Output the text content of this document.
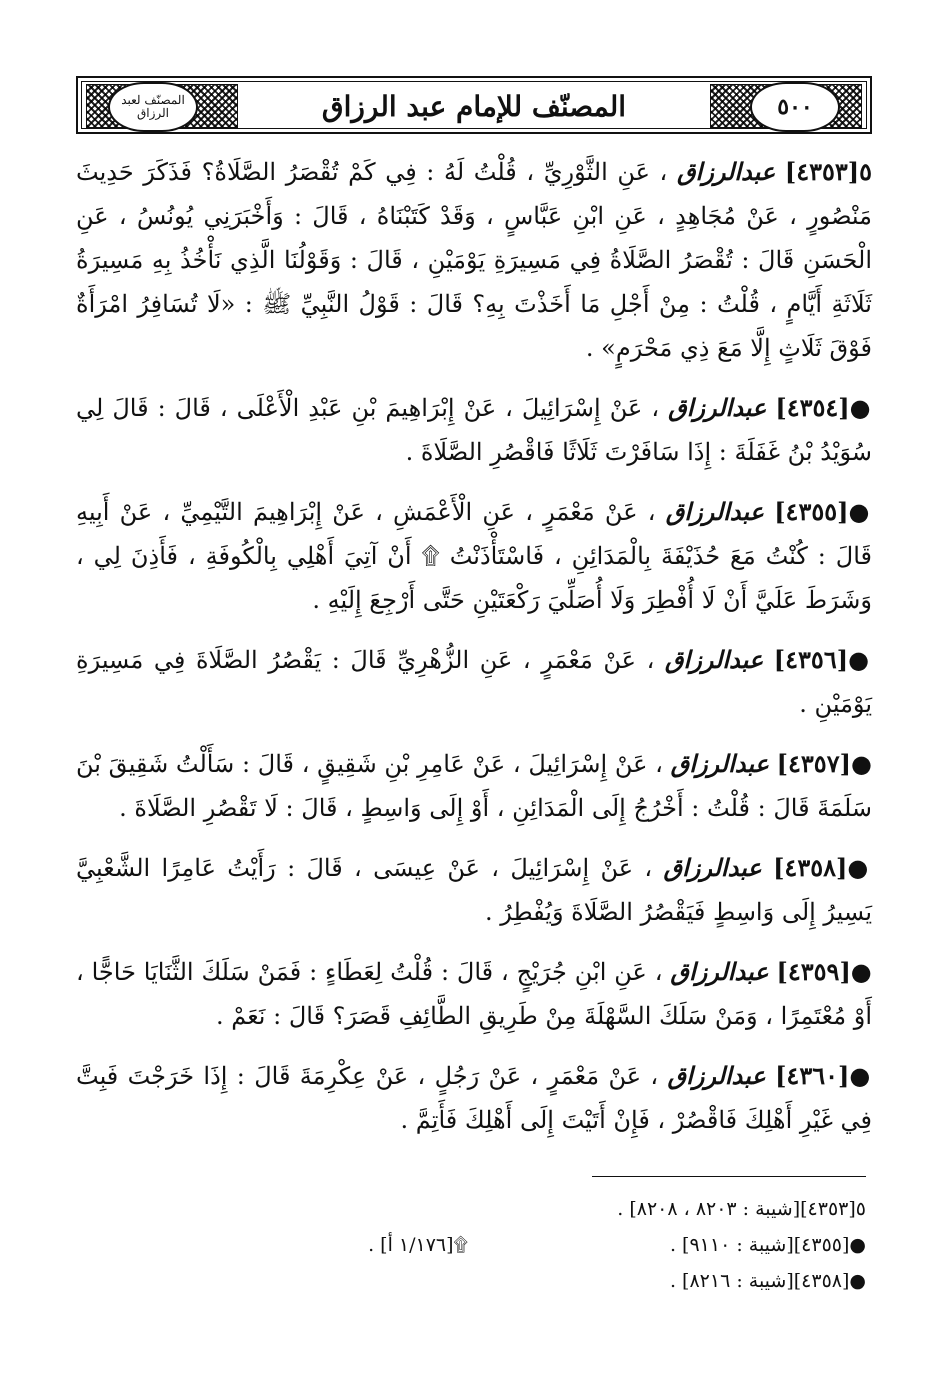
المصنّف لعبد الرزاق	٥٠٠
المصنّف للإمام عبد الرزاق

٥[٤٣٥٣] عبدالرزاق ، عَنِ الثَّوْرِيِّ ، قُلْتُ لَهُ : فِي كَمْ تُقْصَرُ الصَّلَاةُ؟ فَذَكَرَ حَدِيثَ مَنْصُورٍ ، عَنْ مُجَاهِدٍ ، عَنِ ابْنِ عَبَّاسٍ ، وَقَدْ كَتَبْنَاهُ ، قَالَ : وَأَخْبَرَنِي يُونُسُ ، عَنِ الْحَسَنِ قَالَ : تُقْصَرُ الصَّلَاةُ فِي مَسِيرَةِ يَوْمَيْنِ ، قَالَ : وَقَوْلُنَا الَّذِي نَأْخُذُ بِهِ مَسِيرَةُ ثَلَاثَةِ أَيَّامٍ ، قُلْتُ : مِنْ أَجْلِ مَا أَخَذْتَ بِهِ؟ قَالَ : قَوْلُ النَّبِيِّ ﷺ : «لَا تُسَافِرُ امْرَأَةٌ فَوْقَ ثَلَاثٍ إِلَّا مَعَ ذِي مَحْرَمٍ» .

●[٤٣٥٤] عبدالرزاق ، عَنْ إِسْرَائِيلَ ، عَنْ إِبْرَاهِيمَ بْنِ عَبْدِ الْأَعْلَى ، قَالَ : قَالَ لِي سُوَيْدُ بْنُ غَفَلَةَ : إِذَا سَافَرْتَ ثَلَاثًا فَاقْصُرِ الصَّلَاةَ .

●[٤٣٥٥] عبدالرزاق ، عَنْ مَعْمَرٍ ، عَنِ الْأَعْمَشِ ، عَنْ إِبْرَاهِيمَ التَّيْمِيِّ ، عَنْ أَبِيهِ قَالَ : كُنْتُ مَعَ حُذَيْفَةَ بِالْمَدَائِنِ ، فَاسْتَأْذَنْتُ ۩ أَنْ آتِيَ أَهْلِي بِالْكُوفَةِ ، فَأَذِنَ لِي ، وَشَرَطَ عَلَيَّ أَنْ لَا أُفْطِرَ وَلَا أُصَلِّيَ رَكْعَتَيْنِ حَتَّى أَرْجِعَ إِلَيْهِ .

●[٤٣٥٦] عبدالرزاق ، عَنْ مَعْمَرٍ ، عَنِ الزُّهْرِيِّ قَالَ : يَقْصُرُ الصَّلَاةَ فِي مَسِيرَةِ يَوْمَيْنِ .

●[٤٣٥٧] عبدالرزاق ، عَنْ إِسْرَائِيلَ ، عَنْ عَامِرِ بْنِ شَقِيقٍ ، قَالَ : سَأَلْتُ شَقِيقَ بْنَ سَلَمَةَ قَالَ : قُلْتُ : أَخْرُجُ إِلَى الْمَدَائِنِ ، أَوْ إِلَى وَاسِطٍ ، قَالَ : لَا تَقْصُرِ الصَّلَاةَ .

●[٤٣٥٨] عبدالرزاق ، عَنْ إِسْرَائِيلَ ، عَنْ عِيسَى ، قَالَ : رَأَيْتُ عَامِرًا الشَّعْبِيَّ يَسِيرُ إِلَى وَاسِطٍ فَيَقْصُرُ الصَّلَاةَ وَيُفْطِرُ .

●[٤٣٥٩] عبدالرزاق ، عَنِ ابْنِ جُرَيْجٍ ، قَالَ : قُلْتُ لِعَطَاءٍ : فَمَنْ سَلَكَ الثَّنَايَا حَاجًّا ، أَوْ مُعْتَمِرًا ، وَمَنْ سَلَكَ السَّهْلَةَ مِنْ طَرِيقِ الطَّائِفِ قَصَرَ؟ قَالَ : نَعَمْ .

●[٤٣٦٠] عبدالرزاق ، عَنْ مَعْمَرٍ ، عَنْ رَجُلٍ ، عَنْ عِكْرِمَةَ قَالَ : إِذَا خَرَجْتَ فَبِتَّ فِي غَيْرِ أَهْلِكَ فَاقْصُرْ ، فَإِنْ أَتَيْتَ إِلَى أَهْلِكَ فَأَتِمَّ .

٥[٤٣٥٣][شيبة : ٨٢٠٣ ، ٨٢٠٨] .
●[٤٣٥٥][شيبة : ٩١١٠] .
۩[١/١٧٦ أ] .
●[٤٣٥٨][شيبة : ٨٢١٦] .
